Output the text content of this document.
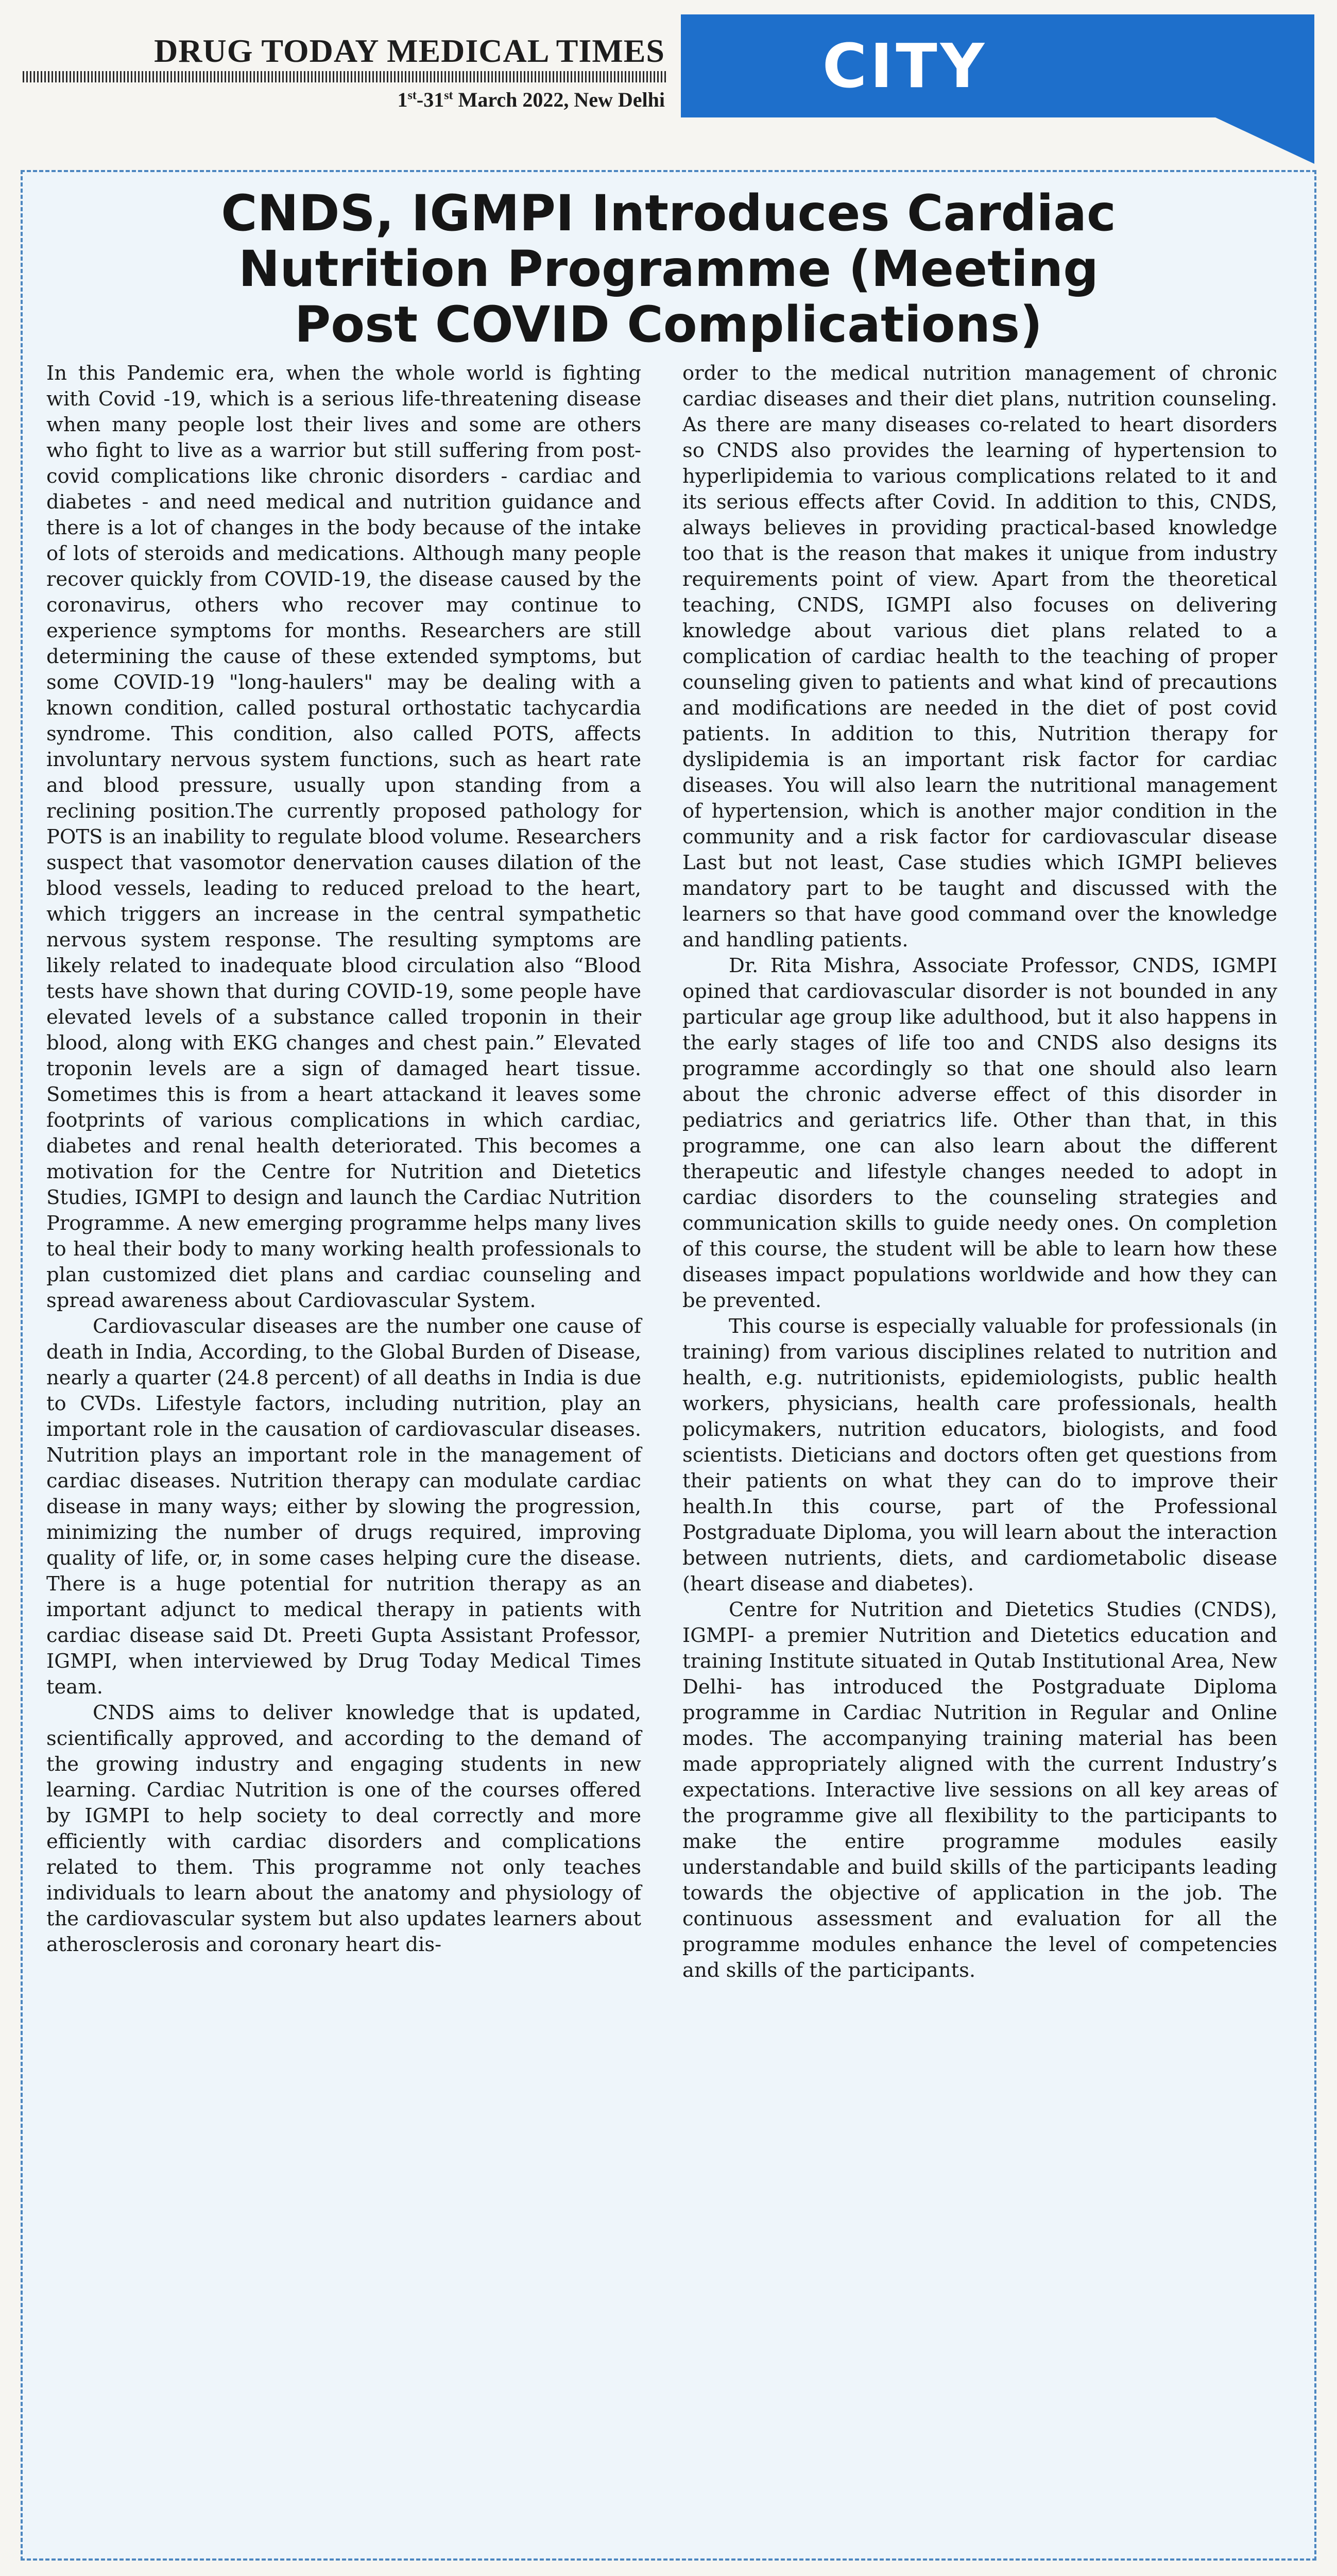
DRUG TODAY MEDICAL TIMES
1st-31st March 2022, New Delhi	CITY
CNDS, IGMPI Introduces Cardiac
Nutrition Programme (Meeting
Post COVID Complications)

In this Pandemic era, when the whole world is fighting with Covid -19, which is a serious life-threatening disease when many people lost their lives and some are others who fight to live as a warrior but still suffering from post-covid complications like chronic disorders - cardiac and diabetes - and need medical and nutrition guidance and there is a lot of changes in the body because of the intake of lots of steroids and medications. Although many people recover quickly from COVID-19, the disease caused by the coronavirus, others who recover may continue to experience symptoms for months. Researchers are still determining the cause of these extended symptoms, but some COVID-19 "long-haulers" may be dealing with a known condition, called postural orthostatic tachycardia syndrome. This condition, also called POTS, affects involuntary nervous system functions, such as heart rate and blood pressure, usually upon standing from a reclining position.The currently proposed pathology for POTS is an inability to regulate blood volume. Researchers suspect that vasomotor denervation causes dilation of the blood vessels, leading to reduced preload to the heart, which triggers an increase in the central sympathetic nervous system response. The resulting symptoms are likely related to inadequate blood circulation also “Blood tests have shown that during COVID-19, some people have elevated levels of a substance called troponin in their blood, along with EKG changes and chest pain.” Elevated troponin levels are a sign of damaged heart tissue. Sometimes this is from a heart attackand it leaves some footprints of various complications in which cardiac, diabetes and renal health deteriorated. This becomes a motivation for the Centre for Nutrition and Dietetics Studies, IGMPI to design and launch the Cardiac Nutrition Programme. A new emerging programme helps many lives to heal their body to many working health professionals to plan customized diet plans and cardiac counseling and spread awareness about Cardiovascular System.

Cardiovascular diseases are the number one cause of death in India, According, to the Global Burden of Disease, nearly a quarter (24.8 percent) of all deaths in India is due to CVDs. Lifestyle factors, including nutrition, play an important role in the causation of cardiovascular diseases. Nutrition plays an important role in the management of cardiac diseases. Nutrition therapy can modulate cardiac disease in many ways; either by slowing the progression, minimizing the number of drugs required, improving quality of life, or, in some cases helping cure the disease. There is a huge potential for nutrition therapy as an important adjunct to medical therapy in patients with cardiac disease said Dt. Preeti Gupta Assistant Professor, IGMPI, when interviewed by Drug Today Medical Times team.

CNDS aims to deliver knowledge that is updated, scientifically approved, and according to the demand of the growing industry and engaging students in new learning. Cardiac Nutrition is one of the courses offered by IGMPI to help society to deal correctly and more efficiently with cardiac disorders and complications related to them. This programme not only teaches individuals to learn about the anatomy and physiology of the cardiovascular system but also updates learners about atherosclerosis and coronary heart dis-

order to the medical nutrition management of chronic cardiac diseases and their diet plans, nutrition counseling. As there are many diseases co-related to heart disorders so CNDS also provides the learning of hypertension to hyperlipidemia to various complications related to it and its serious effects after Covid. In addition to this, CNDS, always believes in providing practical-based knowledge too that is the reason that makes it unique from industry requirements point of view. Apart from the theoretical teaching, CNDS, IGMPI also focuses on delivering knowledge about various diet plans related to a complication of cardiac health to the teaching of proper counseling given to patients and what kind of precautions and modifications are needed in the diet of post covid patients. In addition to this, Nutrition therapy for dyslipidemia is an important risk factor for cardiac diseases. You will also learn the nutritional management of hypertension, which is another major condition in the community and a risk factor for cardiovascular disease Last but not least, Case studies which IGMPI believes mandatory part to be taught and discussed with the learners so that have good command over the knowledge and handling patients.

Dr. Rita Mishra, Associate Professor, CNDS, IGMPI opined that cardiovascular disorder is not bounded in any particular age group like adulthood, but it also happens in the early stages of life too and CNDS also designs its programme accordingly so that one should also learn about the chronic adverse effect of this disorder in pediatrics and geriatrics life. Other than that, in this programme, one can also learn about the different therapeutic and lifestyle changes needed to adopt in cardiac disorders to the counseling strategies and communication skills to guide needy ones. On completion of this course, the student will be able to learn how these diseases impact populations worldwide and how they can be prevented.

This course is especially valuable for professionals (in training) from various disciplines related to nutrition and health, e.g. nutritionists, epidemiologists, public health workers, physicians, health care professionals, health policymakers, nutrition educators, biologists, and food scientists. Dieticians and doctors often get questions from their patients on what they can do to improve their health.In this course, part of the Professional Postgraduate Diploma, you will learn about the interaction between nutrients, diets, and cardiometabolic disease (heart disease and diabetes).

Centre for Nutrition and Dietetics Studies (CNDS), IGMPI- a premier Nutrition and Dietetics education and training Institute situated in Qutab Institutional Area, New Delhi- has introduced the Postgraduate Diploma programme in Cardiac Nutrition in Regular and Online modes. The accompanying training material has been made appropriately aligned with the current Industry’s expectations. Interactive live sessions on all key areas of the programme give all flexibility to the participants to make the entire programme modules easily understandable and build skills of the participants leading towards the objective of application in the job. The continuous assessment and evaluation for all the programme modules enhance the level of competencies and skills of the participants.
